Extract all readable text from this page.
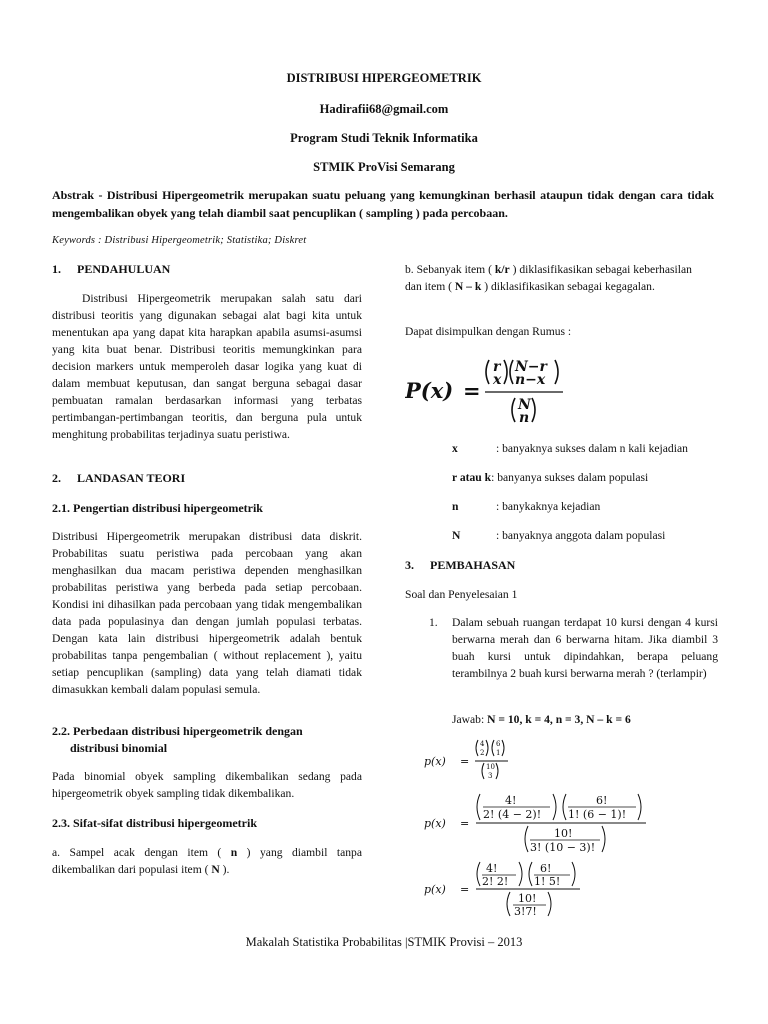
DISTRIBUSI HIPERGEOMETRIK
Hadirafii68@gmail.com
Program Studi Teknik Informatika
STMIK ProVisi Semarang
Abstrak - Distribusi Hipergeometrik merupakan suatu peluang yang kemungkinan berhasil ataupun tidak dengan cara tidak mengembalikan obyek yang telah diambil saat pencuplikan ( sampling ) pada percobaan.
Keywords : Distribusi Hipergeometrik; Statistika; Diskret
1. PENDAHULUAN
Distribusi Hipergeometrik merupakan salah satu dari distribusi teoritis yang digunakan sebagai alat bagi kita untuk menentukan apa yang dapat kita harapkan apabila asumsi-asumsi yang kita buat benar. Distribusi teoritis memungkinkan para decision markers untuk memperoleh dasar logika yang kuat di dalam membuat keputusan, dan sangat berguna sebagai dasar pembuatan ramalan berdasarkan informasi yang terbatas pertimbangan-pertimbangan teoritis, dan berguna pula untuk menghitung probabilitas terjadinya suatu peristiwa.
2. LANDASAN TEORI
2.1. Pengertian distribusi hipergeometrik
Distribusi Hipergeometrik merupakan distribusi data diskrit. Probabilitas suatu peristiwa pada percobaan yang akan menghasilkan dua macam peristiwa dependen menghasilkan probabilitas peristiwa yang berbeda pada setiap percobaan. Kondisi ini dihasilkan pada percobaan yang tidak mengembalikan data pada populasinya dan dengan jumlah populasi terbatas. Dengan kata lain distribusi hipergeometrik adalah bentuk probabilitas tanpa pengembalian ( without replacement ), yaitu setiap pencuplikan (sampling) data yang telah diamati tidak dimasukkan kembali dalam populasi semula.
2.2. Perbedaan distribusi hipergeometrik dengan
distribusi binomial
Pada binomial obyek sampling dikembalikan sedang pada hipergeometrik obyek sampling tidak dikembalikan.
2.3. Sifat-sifat distribusi hipergeometrik
a. Sampel acak dengan item ( n ) yang diambil tanpa dikembalikan dari populasi item ( N ).
b. Sebanyak item ( k/r ) diklasifikasikan sebagai keberhasilan dan item ( N – k ) diklasifikasikan sebagai kegagalan.
Dapat disimpulkan dengan Rumus :
P(x) =
r
x
N−r
n−x
N
n
x	: banyaknya sukses dalam n kali kejadian
r atau k: banyanya sukses dalam populasi
n	: banykaknya kejadian
N	: banyaknya anggota dalam populasi
3. PEMBAHASAN
Soal dan Penyelesaian 1
1. Dalam sebuah ruangan terdapat 10 kursi dengan 4 kursi berwarna merah dan 6 berwarna hitam. Jika diambil 3 buah kursi untuk dipindahkan, berapa peluang terambilnya 2 buah kursi berwarna merah ? (terlampir)
Jawab: N = 10, k = 4, n = 3, N – k = 6
p(x) =
4
2
6
1
10
3
p(x) =
4!
2! (4 − 2)!
6!
1! (6 − 1)!
10!
3! (10 − 3)!
p(x) =
4!
2! 2!
6!
1! 5!
10!
3!7!
Makalah Statistika Probabilitas |STMIK Provisi – 2013
